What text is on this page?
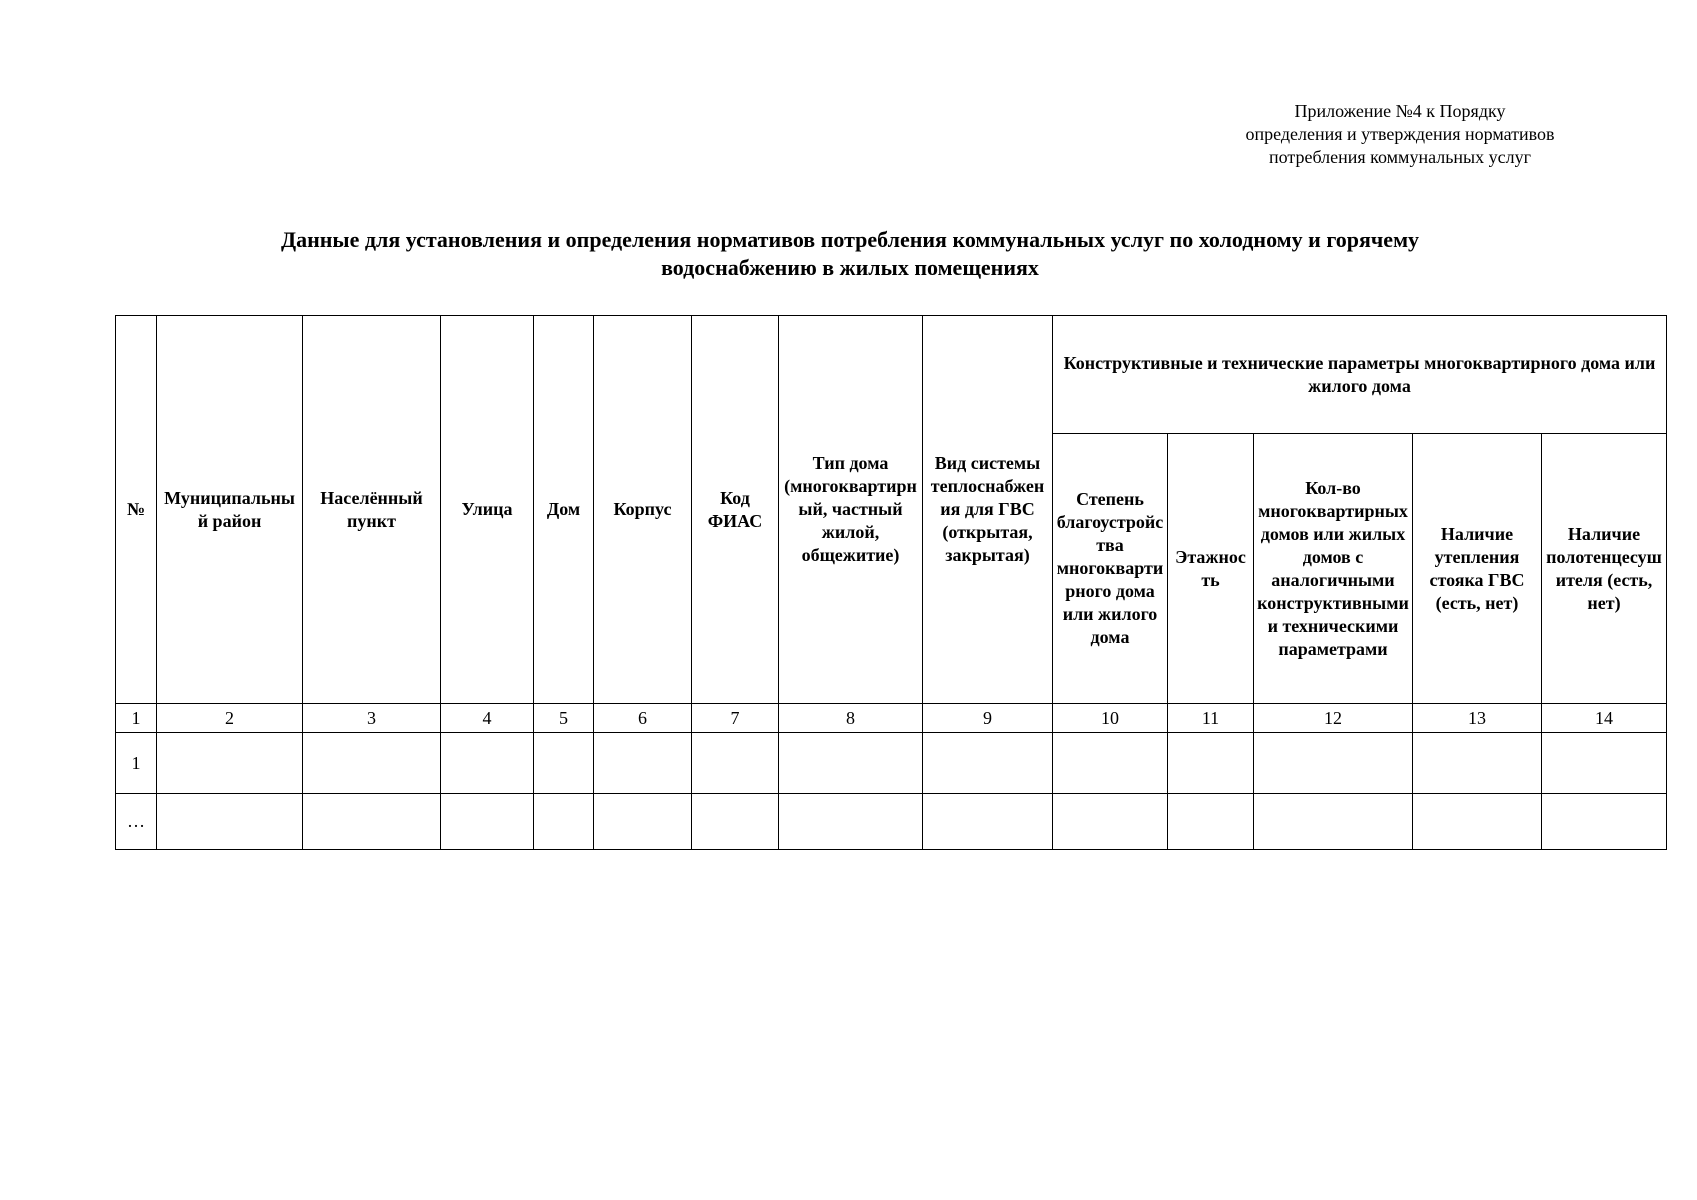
Приложение №4 к Порядку
определения и утверждения нормативов
потребления коммунальных услуг
Данные для установления и определения нормативов потребления коммунальных услуг по холодному и горячему
водоснабжению в жилых помещениях
№	Муниципальный район	Населённый пункт	Улица	Дом	Корпус	Код ФИАС	Тип дома (многоквартирный, частный жилой, общежитие)	Вид системы теплоснабжения для ГВС (открытая, закрытая)	Конструктивные и технические параметры многоквартирного дома или жилого дома				
									Степень благоустройства многоквартирного дома или жилого дома	Этажность	Кол-во многоквартирных домов или жилых домов с аналогичными конструктивными и техническими параметрами	Наличие утепления стояка ГВС (есть, нет)	Наличие полотенцесушителя (есть, нет)
1	2	3	4	5	6	7	8	9	10	11	12	13	14
1													
…													
